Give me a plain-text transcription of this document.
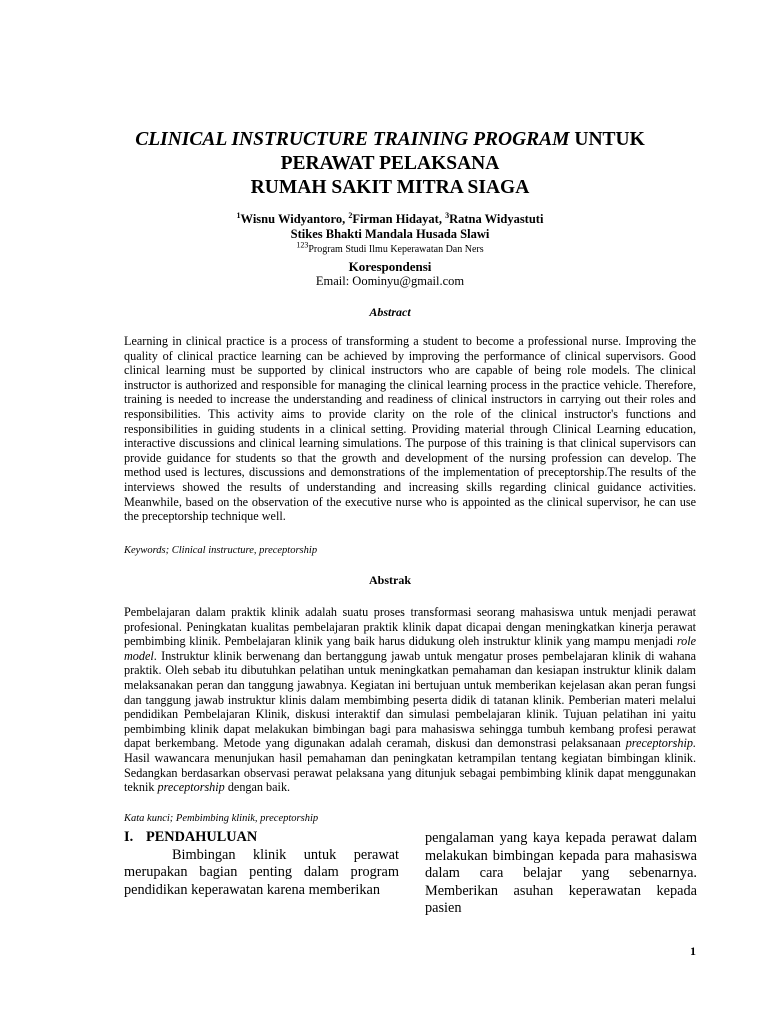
CLINICAL INSTRUCTURE TRAINING PROGRAM UNTUK
PERAWAT PELAKSANA
RUMAH SAKIT MITRA SIAGA
$^1$Wisnu Widyantoro, $^2$Firman Hidayat, $^3$Ratna Widyastuti
Stikes Bhakti Mandala Husada Slawi
$^{123}$Program Studi Ilmu Keperawatan Dan Ners
Korespondensi
Email: Oominyu@gmail.com
Abstract
Learning in clinical practice is a process of transforming a student to become a professional nurse. Improving the quality of clinical practice learning can be achieved by improving the performance of clinical supervisors. Good clinical learning must be supported by clinical instructors who are capable of being role models. The clinical instructor is authorized and responsible for managing the clinical learning process in the practice vehicle. Therefore, training is needed to increase the understanding and readiness of clinical instructors in carrying out their roles and responsibilities. This activity aims to provide clarity on the role of the clinical instructor's functions and responsibilities in guiding students in a clinical setting. Providing material through Clinical Learning education, interactive discussions and clinical learning simulations. The purpose of this training is that clinical supervisors can provide guidance for students so that the growth and development of the nursing profession can develop. The method used is lectures, discussions and demonstrations of the implementation of preceptorship.The results of the interviews showed the results of understanding and increasing skills regarding clinical guidance activities. Meanwhile, based on the observation of the executive nurse who is appointed as the clinical supervisor, he can use the preceptorship technique well.
Keywords; Clinical instructure, preceptorship
Abstrak
Pembelajaran dalam praktik klinik adalah suatu proses transformasi seorang mahasiswa untuk menjadi perawat profesional. Peningkatan kualitas pembelajaran praktik klinik dapat dicapai dengan meningkatkan kinerja perawat pembimbing klinik. Pembelajaran klinik yang baik harus didukung oleh instruktur klinik yang mampu menjadi role model. Instruktur klinik berwenang dan bertanggung jawab untuk mengatur proses pembelajaran klinik di wahana praktik. Oleh sebab itu dibutuhkan pelatihan untuk meningkatkan pemahaman dan kesiapan instruktur klinik dalam melaksanakan peran dan tanggung jawabnya. Kegiatan ini bertujuan untuk memberikan kejelasan akan peran fungsi dan tanggung jawab instruktur klinis dalam membimbing peserta didik di tatanan klinik. Pemberian materi melalui pendidikan Pembelajaran Klinik, diskusi interaktif dan simulasi pembelajaran klinik. Tujuan pelatihan ini yaitu pembimbing klinik dapat melakukan bimbingan bagi para mahasiswa sehingga tumbuh kembang profesi perawat dapat berkembang. Metode yang digunakan adalah ceramah, diskusi dan demonstrasi pelaksanaan preceptorship. Hasil wawancara menunjukan hasil pemahaman dan peningkatan ketrampilan tentang kegiatan bimbingan klinik. Sedangkan berdasarkan observasi perawat pelaksana yang ditunjuk sebagai pembimbing klinik dapat menggunakan teknik preceptorship dengan baik.
Kata kunci; Pembimbing klinik, preceptorship
I. PENDAHULUAN
Bimbingan klinik untuk perawat merupakan bagian penting dalam program pendidikan keperawatan karena memberikan
pengalaman yang kaya kepada perawat dalam melakukan bimbingan kepada para mahasiswa dalam cara belajar yang sebenarnya. Memberikan asuhan keperawatan kepada pasien
1
